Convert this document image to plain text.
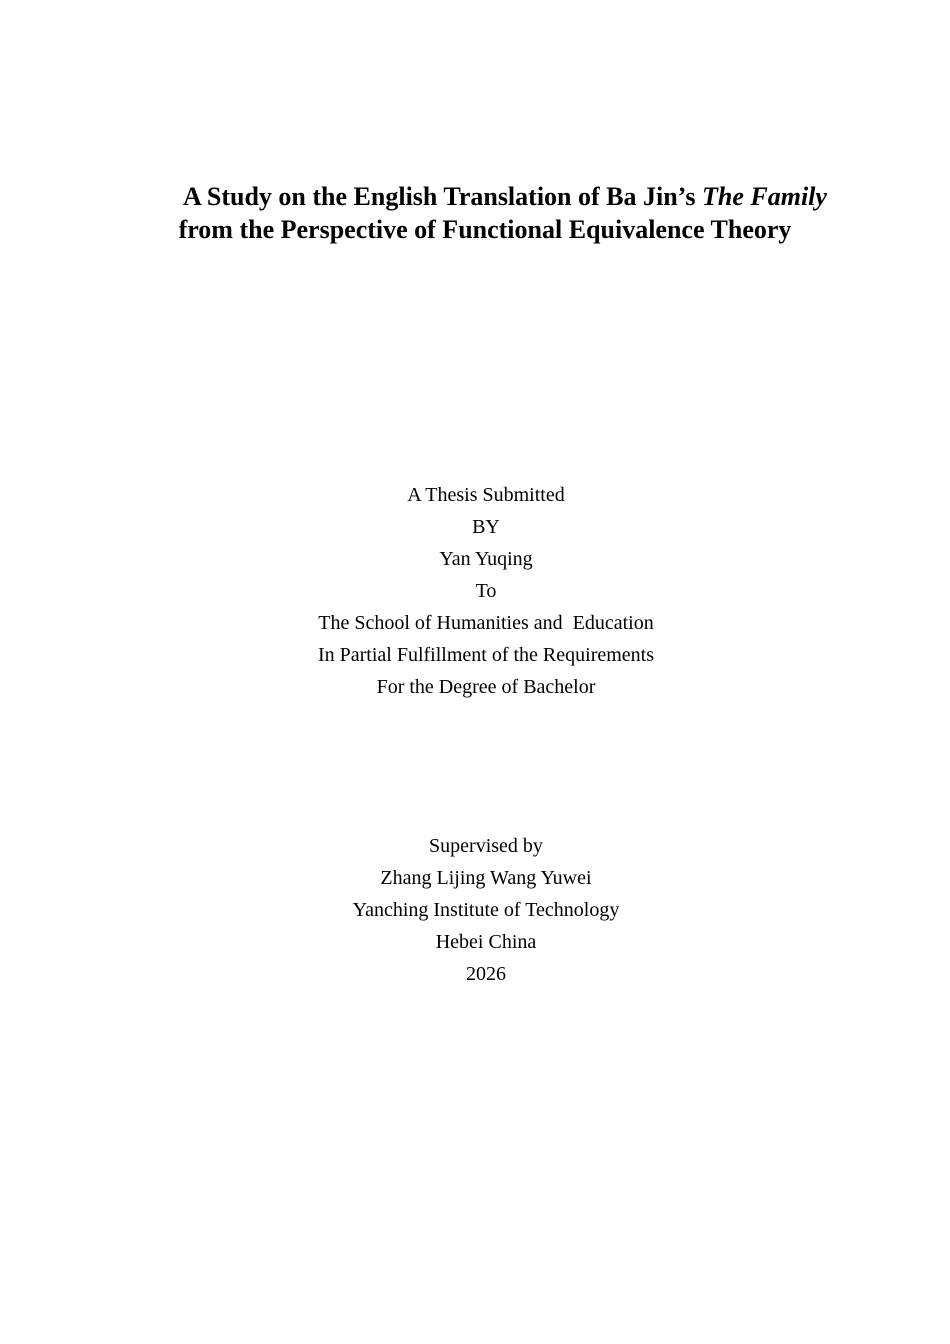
A Study on the English Translation of Ba Jin’s The Family from the Perspective of Functional Equivalence Theory
A Thesis Submitted
BY
Yan Yuqing
To
The School of Humanities and  Education
In Partial Fulfillment of the Requirements
For the Degree of Bachelor
Supervised by
Zhang Lijing Wang Yuwei
Yanching Institute of Technology
Hebei China
2026
